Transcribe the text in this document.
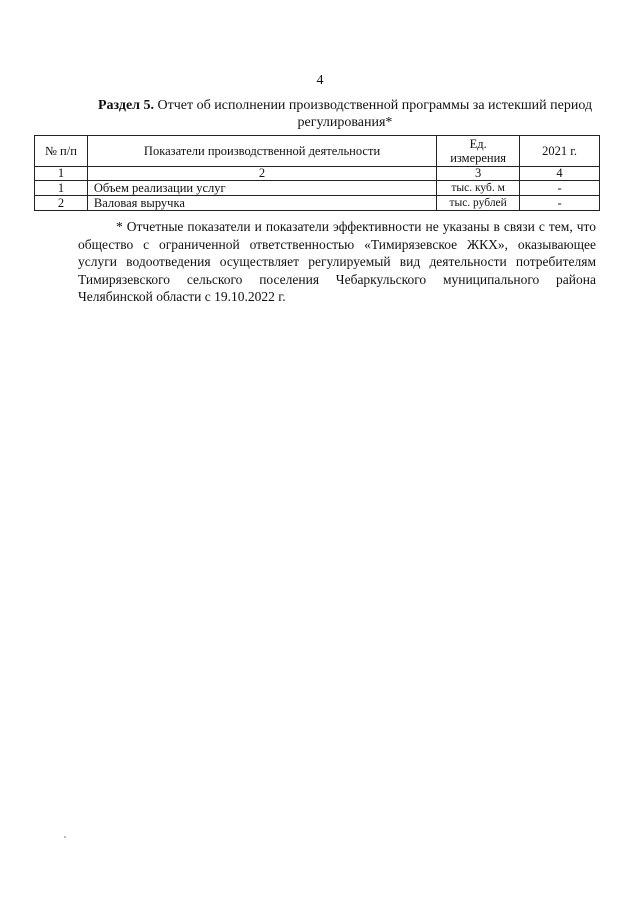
4
Раздел 5. Отчет об исполнении производственной программы за истекший период регулирования*
№ п/п	Показатели производственной деятельности	Ед. измерения	2021 г.
1	2	3	4
1	Объем реализации услуг	тыс. куб. м	-
2	Валовая выручка	тыс. рублей	-
* Отчетные показатели и показатели эффективности не указаны в связи с тем, что общество с ограниченной ответственностью «Тимирязевское ЖКХ», оказывающее услуги водоотведения осуществляет регулируемый вид деятельности потребителям Тимирязевского сельского поселения Чебаркульского муниципального района Челябинской области с 19.10.2022 г.
